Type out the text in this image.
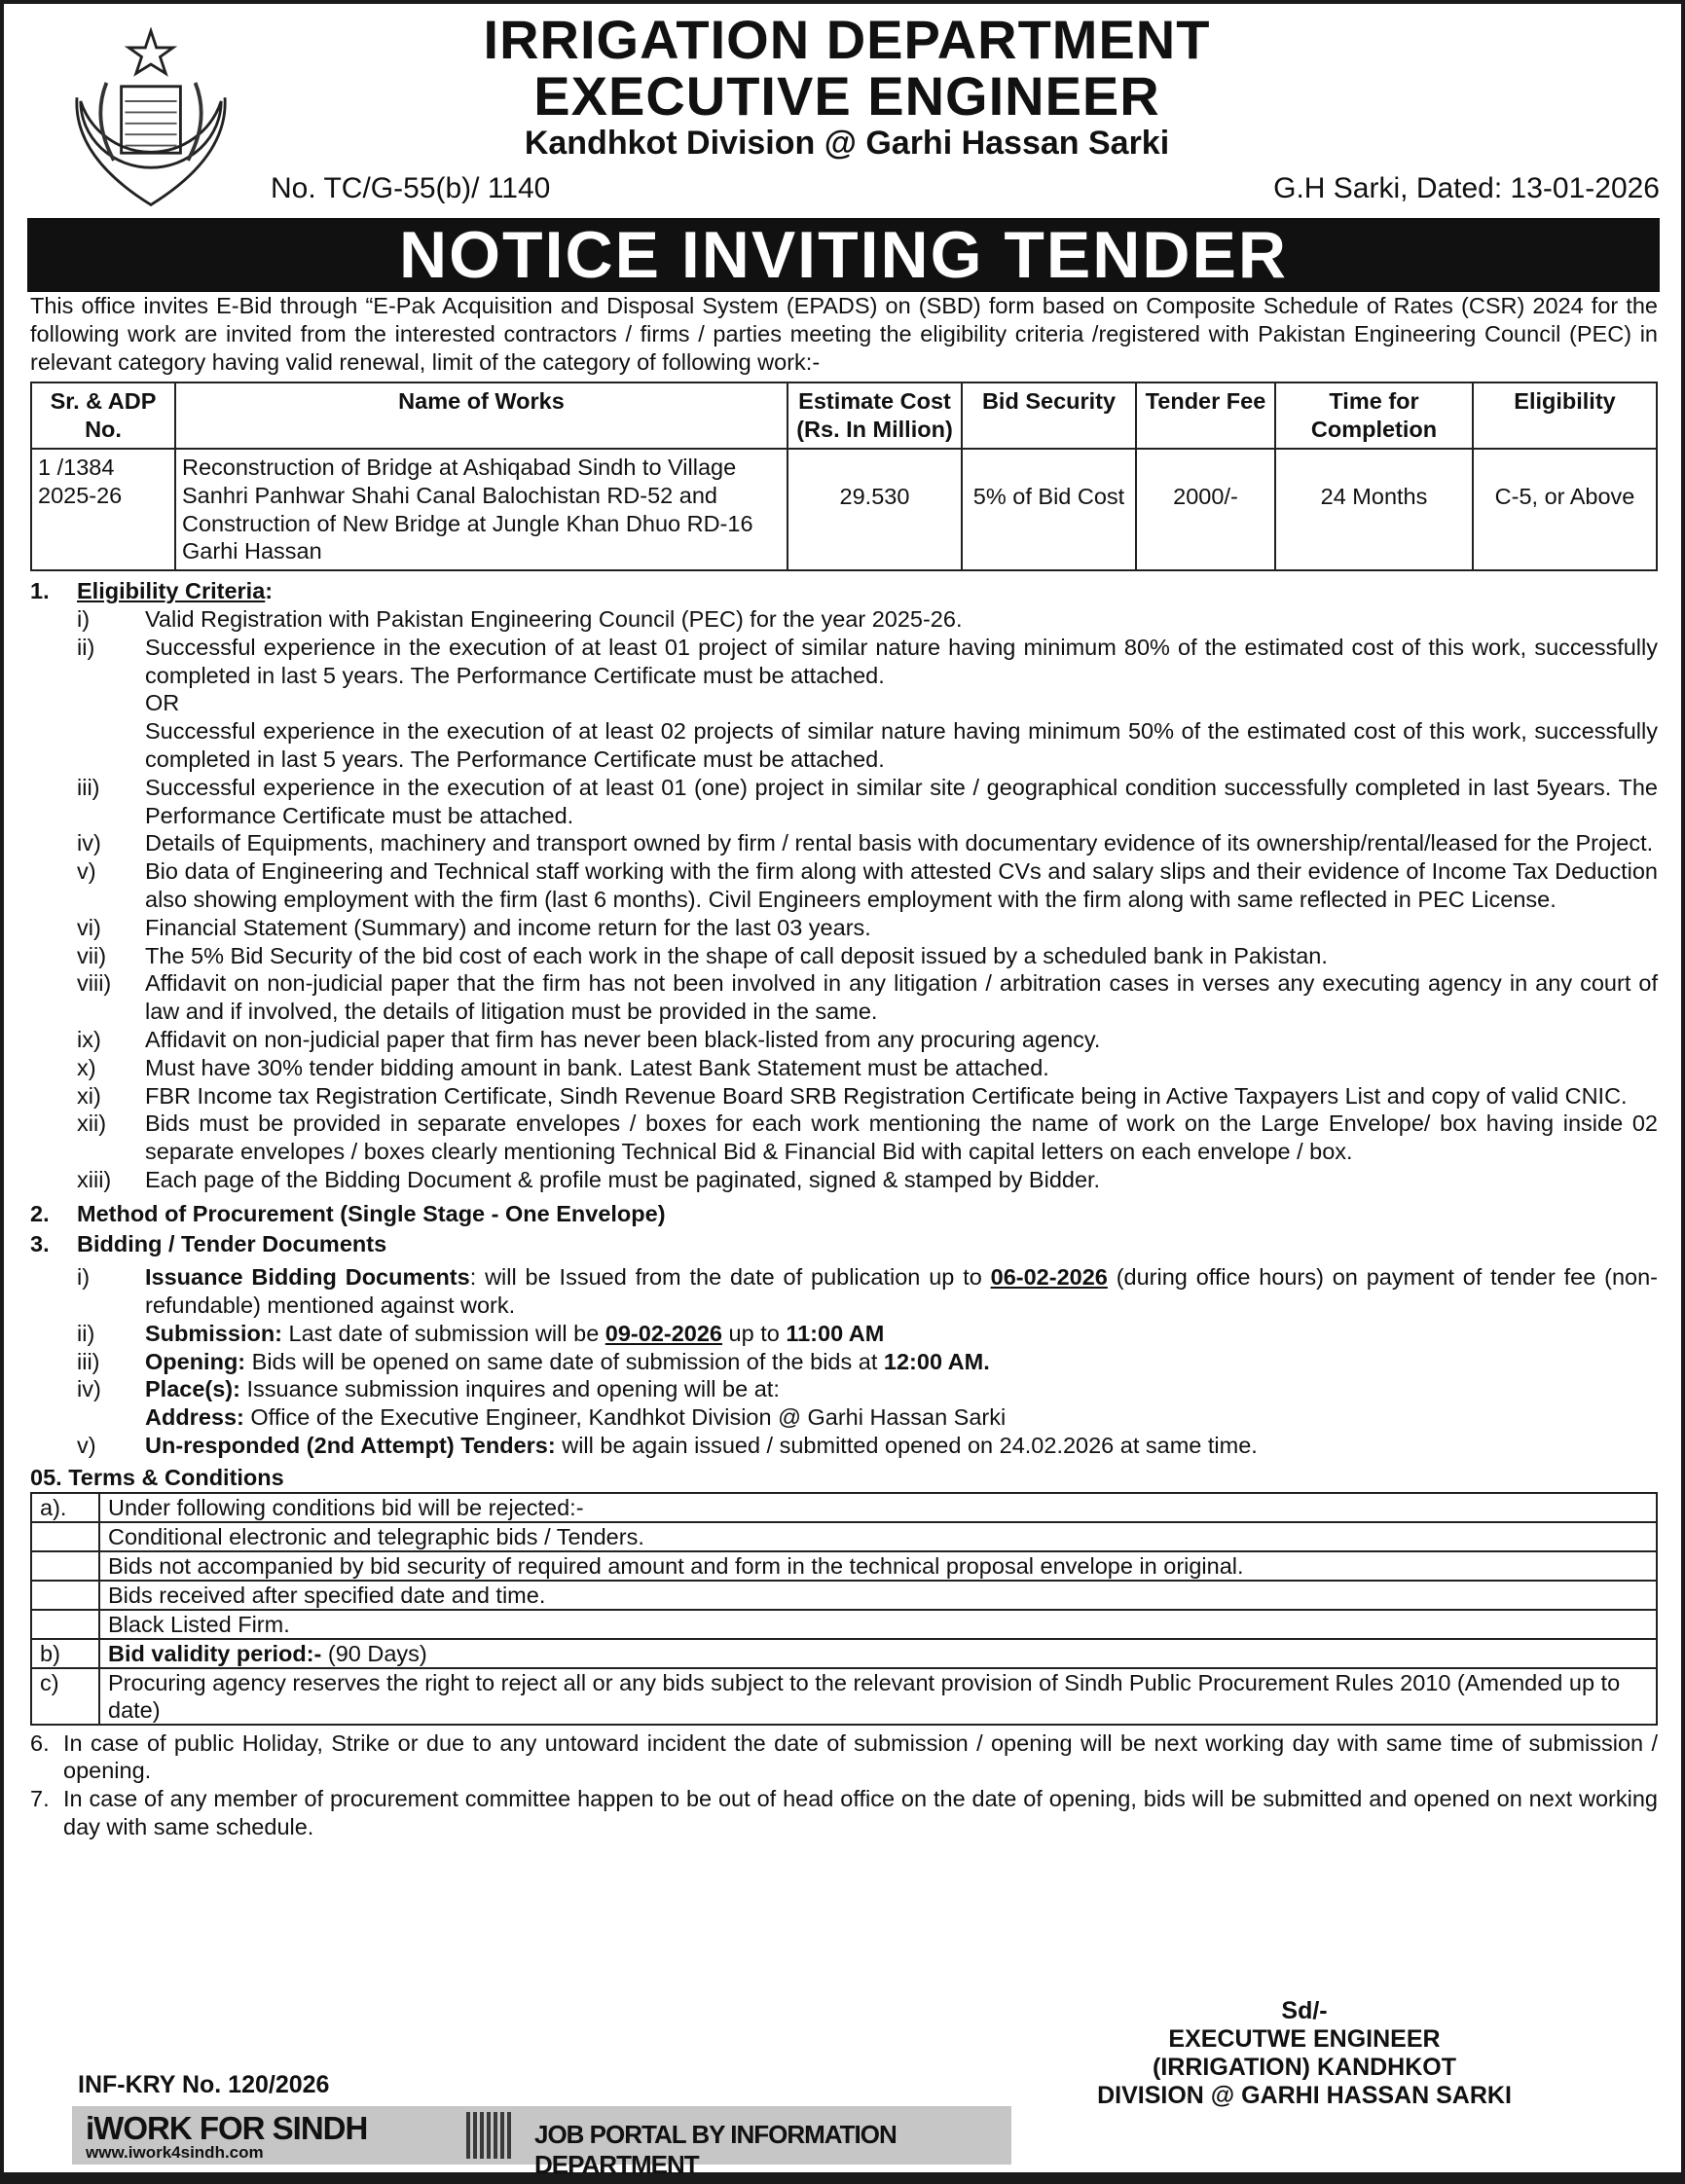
IRRIGATION DEPARTMENT
EXECUTIVE ENGINEER
Kandhkot Division @ Garhi Hassan Sarki
No. TC/G-55(b)/ 1140	G.H Sarki, Dated: 13-01-2026
NOTICE INVITING TENDER

This office invites E-Bid through “E-Pak Acquisition and Disposal System (EPADS) on (SBD) form based on Composite Schedule of Rates (CSR) 2024 for the following work are invited from the interested contractors / firms / parties meeting the eligibility criteria /registered with Pakistan Engineering Council (PEC) in relevant category having valid renewal, limit of the category of following work:-

Sr. & ADP No.	Name of Works	Estimate Cost (Rs. In Million)	Bid Security	Tender Fee	Time for Completion	Eligibility
1 /1384 2025-26	Reconstruction of Bridge at Ashiqabad Sindh to Village Sanhri Panhwar Shahi Canal Balochistan RD-52 and Construction of New Bridge at Jungle Khan Dhuo RD-16 Garhi Hassan	29.530	5% of Bid Cost	2000/-	24 Months	C-5, or Above
1.	Eligibility Criteria:
i)	Valid Registration with Pakistan Engineering Council (PEC) for the year 2025-26.
ii)	Successful experience in the execution of at least 01 project of similar nature having minimum 80% of the estimated cost of this work, successfully completed in last 5 years. The Performance Certificate must be attached.
OR
Successful experience in the execution of at least 02 projects of similar nature having minimum 50% of the estimated cost of this work, successfully completed in last 5 years. The Performance Certificate must be attached.
iii)	Successful experience in the execution of at least 01 (one) project in similar site / geographical condition successfully completed in last 5years. The Performance Certificate must be attached.
iv)	Details of Equipments, machinery and transport owned by firm / rental basis with documentary evidence of its ownership/rental/leased for the Project.
v)	Bio data of Engineering and Technical staff working with the firm along with attested CVs and salary slips and their evidence of Income Tax Deduction also showing employment with the firm (last 6 months). Civil Engineers employment with the firm along with same reflected in PEC License.
vi)	Financial Statement (Summary) and income return for the last 03 years.
vii)	The 5% Bid Security of the bid cost of each work in the shape of call deposit issued by a scheduled bank in Pakistan.
viii)	Affidavit on non-judicial paper that the firm has not been involved in any litigation / arbitration cases in verses any executing agency in any court of law and if involved, the details of litigation must be provided in the same.
ix)	Affidavit on non-judicial paper that firm has never been black-listed from any procuring agency.
x)	Must have 30% tender bidding amount in bank. Latest Bank Statement must be attached.
xi)	FBR Income tax Registration Certificate, Sindh Revenue Board SRB Registration Certificate being in Active Taxpayers List and copy of valid CNIC.
xii)	Bids must be provided in separate envelopes / boxes for each work mentioning the name of work on the Large Envelope/ box having inside 02 separate envelopes / boxes clearly mentioning Technical Bid & Financial Bid with capital letters on each envelope / box.
xiii)	Each page of the Bidding Document & profile must be paginated, signed & stamped by Bidder.
2.	Method of Procurement (Single Stage - One Envelope)
3.	Bidding / Tender Documents
i)	Issuance Bidding Documents: will be Issued from the date of publication up to 06-02-2026 (during office hours) on payment of tender fee (non-refundable) mentioned against work.
ii)	Submission: Last date of submission will be 09-02-2026 up to 11:00 AM
iii)	Opening: Bids will be opened on same date of submission of the bids at 12:00 AM.
iv)	Place(s): Issuance submission inquires and opening will be at:
Address: Office of the Executive Engineer, Kandhkot Division @ Garhi Hassan Sarki
v)	Un-responded (2nd Attempt) Tenders: will be again issued / submitted opened on 24.02.2026 at same time.
05. Terms & Conditions
a).	Under following conditions bid will be rejected:-
	Conditional electronic and telegraphic bids / Tenders.
	Bids not accompanied by bid security of required amount and form in the technical proposal envelope in original.
	Bids received after specified date and time.
	Black Listed Firm.
b)	Bid validity period:- (90 Days)
c)	Procuring agency reserves the right to reject all or any bids subject to the relevant provision of Sindh Public Procurement Rules 2010 (Amended up to date)
6. In case of public Holiday, Strike or due to any untoward incident the date of submission / opening will be next working day with same time of submission / opening.
7. In case of any member of procurement committee happen to be out of head office on the date of opening, bids will be submitted and opened on next working day with same schedule.
INF-KRY No. 120/2026
iWORK FOR SINDH
www.iwork4sindh.com
JOB PORTAL BY INFORMATION DEPARTMENT
Sd/-
EXECUTWE ENGINEER
(IRRIGATION) KANDHKOT
DIVISION @ GARHI HASSAN SARKI
